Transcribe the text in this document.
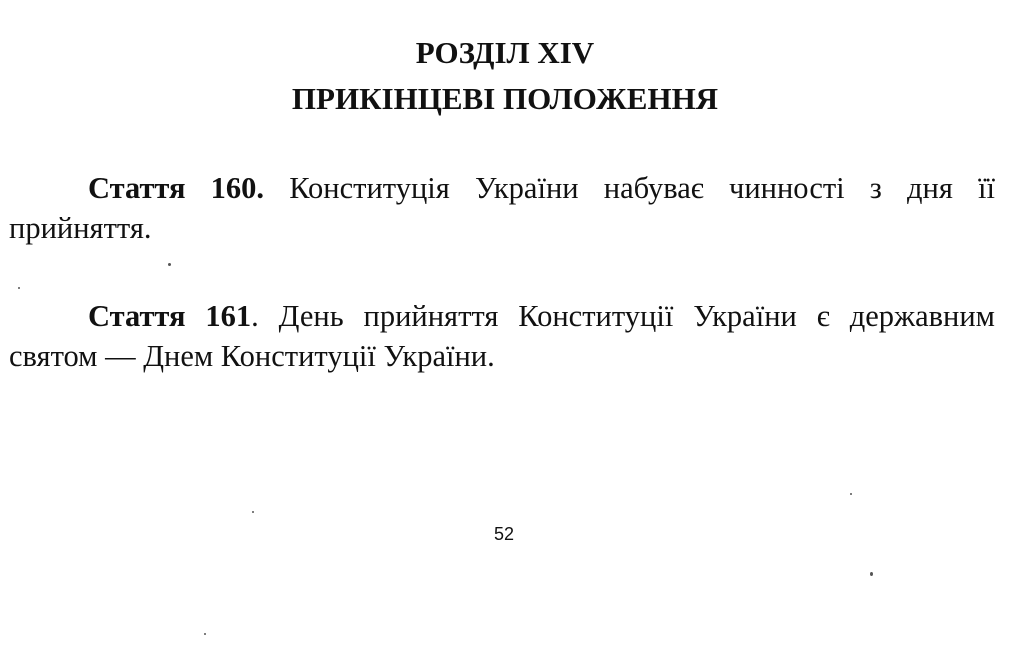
РОЗДІЛ XIV
ПРИКІНЦЕВІ ПОЛОЖЕННЯ

Стаття 160. Конституція України набуває чинності з дня її прийняття.

Стаття 161. День прийняття Конституції України є державним святом — Днем Конституції України.

52
